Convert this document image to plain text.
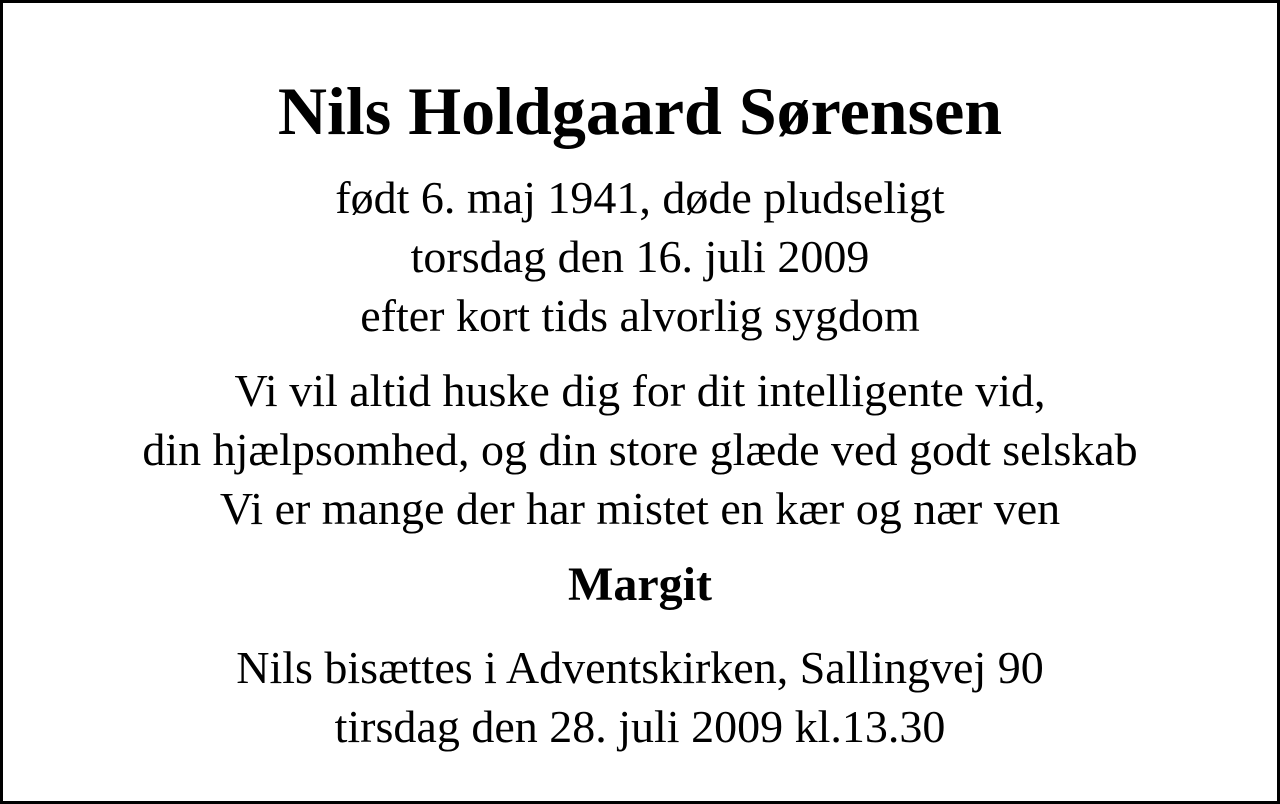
Nils Holdgaard Sørensen
født 6. maj 1941, døde pludseligt
torsdag den 16. juli 2009
efter kort tids alvorlig sygdom
Vi vil altid huske dig for dit intelligente vid,
din hjælpsomhed, og din store glæde ved godt selskab
Vi er mange der har mistet en kær og nær ven
Margit
Nils bisættes i Adventskirken, Sallingvej 90
tirsdag den 28. juli 2009 kl.13.30
